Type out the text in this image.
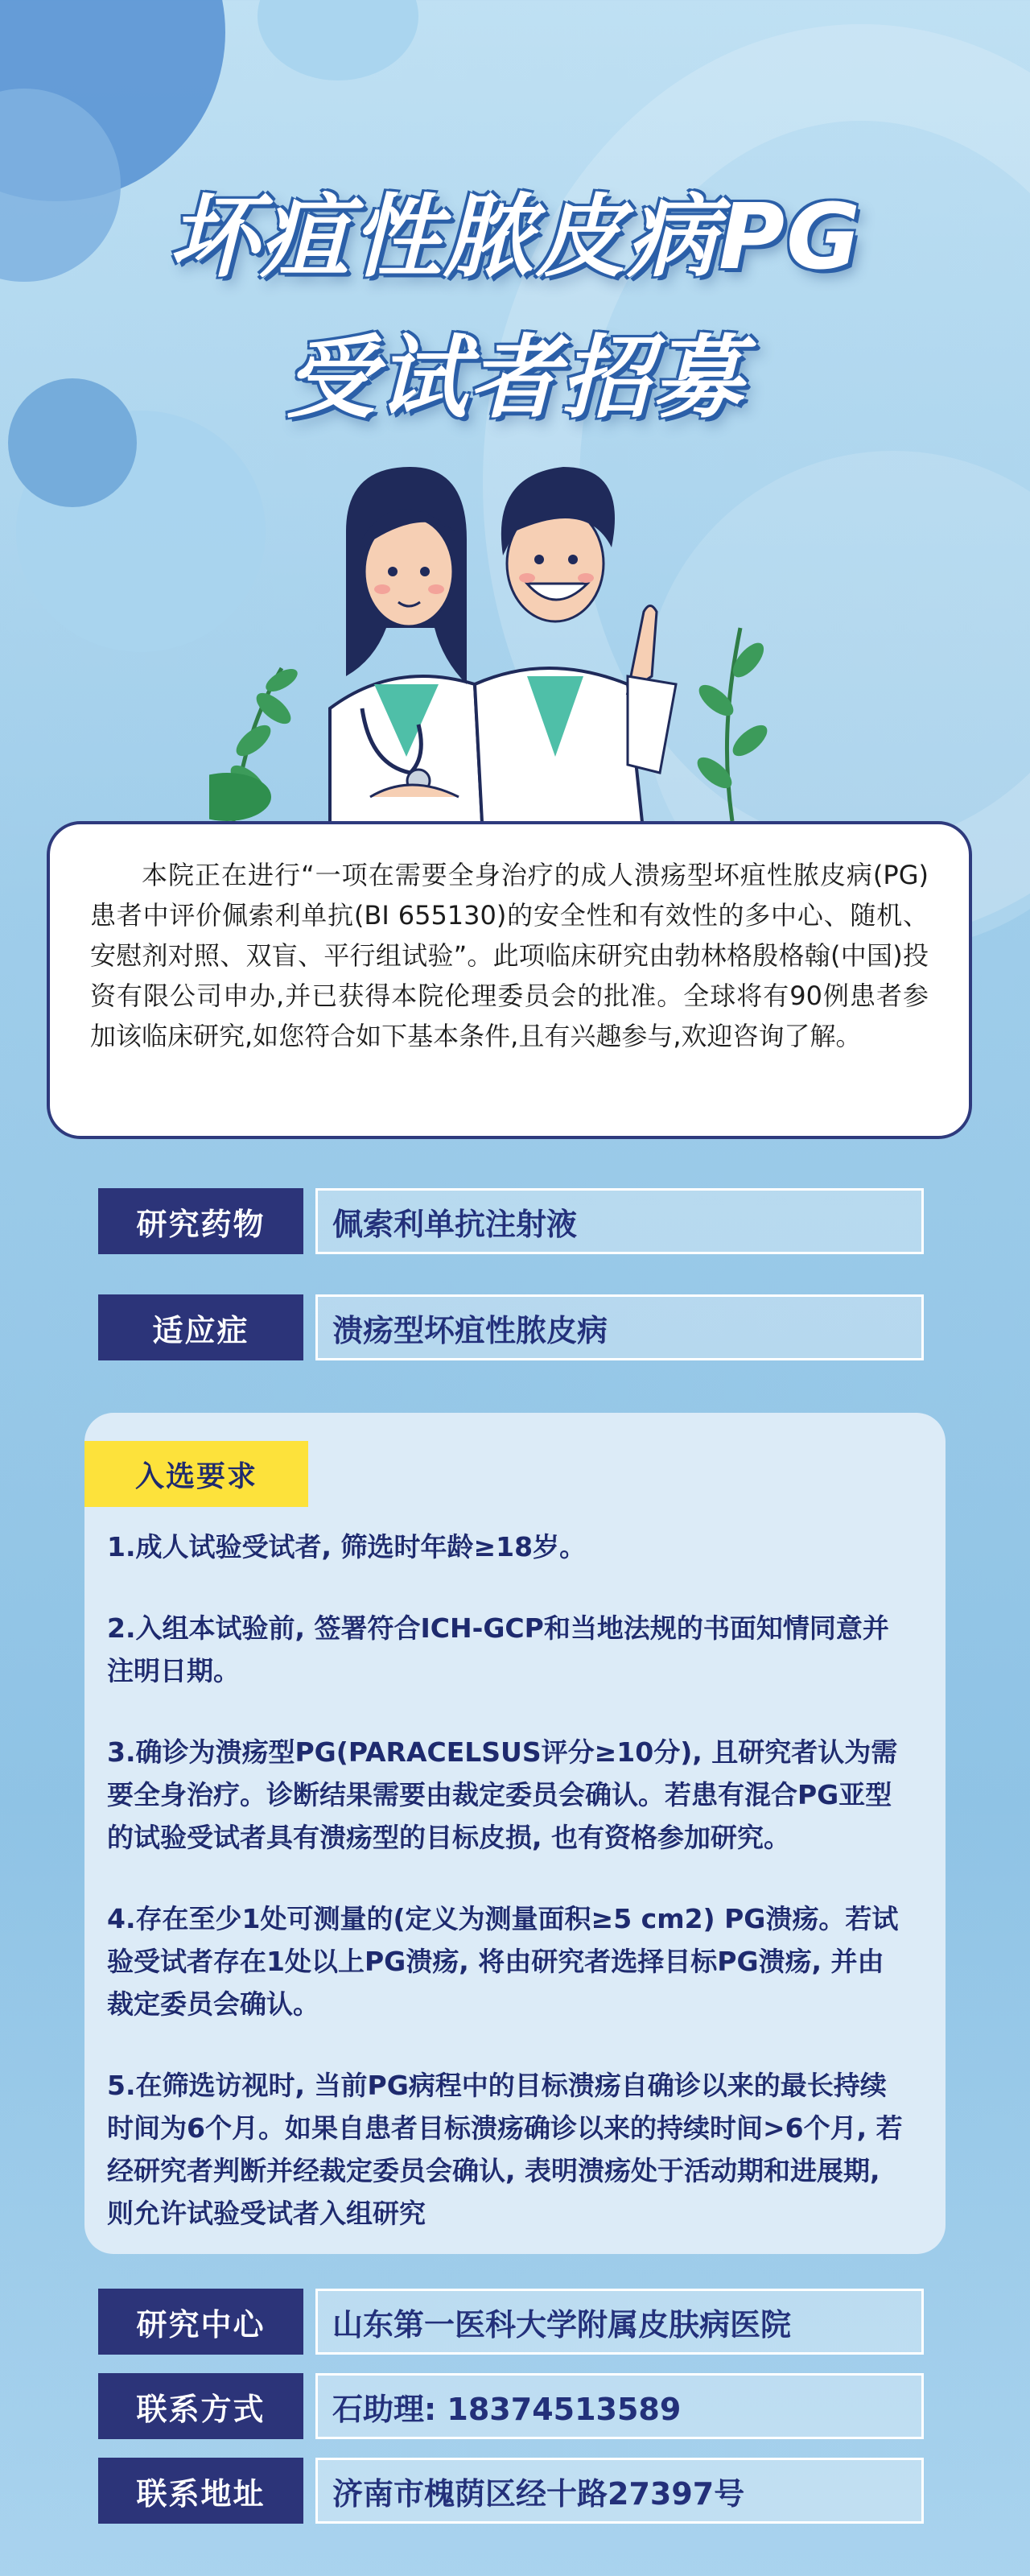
坏疽性脓皮病PG
受试者招募

本院正在进行“一项在需要全身治疗的成人溃疡型坏疽性脓皮病(PG)患者中评价佩索利单抗(BI 655130)的安全性和有效性的多中心、随机、安慰剂对照、双盲、平行组试验”。此项临床研究由勃林格殷格翰(中国)投资有限公司申办,并已获得本院伦理委员会的批准。全球将有90例患者参加该临床研究,如您符合如下基本条件,且有兴趣参与,欢迎咨询了解。

研究药物	佩索利单抗注射液
适应症	溃疡型坏疽性脓皮病
入选要求

1.成人试验受试者, 筛选时年龄≥18岁。

2.入组本试验前, 签署符合ICH-GCP和当地法规的书面知情同意并注明日期。

3.确诊为溃疡型PG(PARACELSUS评分≥10分), 且研究者认为需要全身治疗。诊断结果需要由裁定委员会确认。若患有混合PG亚型的试验受试者具有溃疡型的目标皮损, 也有资格参加研究。

4.存在至少1处可测量的(定义为测量面积≥5 cm2) PG溃疡。若试验受试者存在1处以上PG溃疡, 将由研究者选择目标PG溃疡, 并由裁定委员会确认。

5.在筛选访视时, 当前PG病程中的目标溃疡自确诊以来的最长持续时间为6个月。如果自患者目标溃疡确诊以来的持续时间>6个月, 若经研究者判断并经裁定委员会确认, 表明溃疡处于活动期和进展期, 则允许试验受试者入组研究

研究中心	山东第一医科大学附属皮肤病医院
联系方式	石助理: 18374513589
联系地址	济南市槐荫区经十路27397号
